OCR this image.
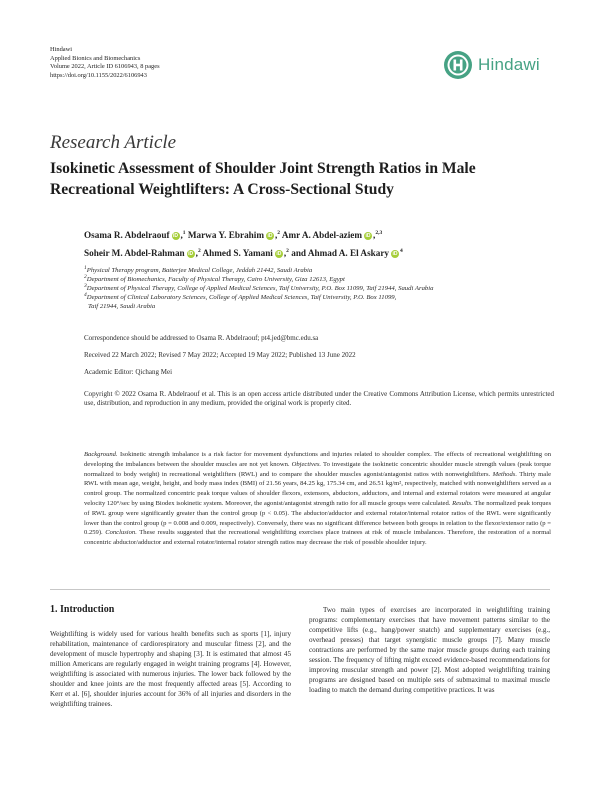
Hindawi
Applied Bionics and Biomechanics
Volume 2022, Article ID 6106943, 8 pages
https://doi.org/10.1155/2022/6106943
Hindawi
Research Article
Isokinetic Assessment of Shoulder Joint Strength Ratios in Male Recreational Weightlifters: A Cross-Sectional Study
Osama R. Abdelraouf iD ,$^1$ Marwa Y. Ebrahim iD ,$^2$ Amr A. Abdel-aziem iD ,$^{2,3}$
Soheir M. Abdel-Rahman iD ,$^2$ Ahmed S. Yamani iD ,$^2$ and Ahmad A. El Askary $iD^4$

$^1$Physical Therapy program, Batterjee Medical College, Jeddah 21442, Saudi Arabia

$^2$Department of Biomechanics, Faculty of Physical Therapy, Cairo University, Giza 12613, Egypt

$^3$Department of Physical Therapy, College of Applied Medical Sciences, Taif University, P.O. Box 11099, Taif 21944, Saudi Arabia

$^4$Department of Clinical Laboratory Sciences, College of Applied Medical Sciences, Taif University, P.O. Box 11099,

Taif 21944, Saudi Arabia

Correspondence should be addressed to Osama R. Abdelraouf; pt4.jed@bmc.edu.sa

Received 22 March 2022; Revised 7 May 2022; Accepted 19 May 2022; Published 13 June 2022

Academic Editor: Qichang Mei

Copyright © 2022 Osama R. Abdelraouf et al. This is an open access article distributed under the Creative Commons Attribution License, which permits unrestricted use, distribution, and reproduction in any medium, provided the original work is properly cited.

Background. Isokinetic strength imbalance is a risk factor for movement dysfunctions and injuries related to shoulder complex. The effects of recreational weightlifting on developing the imbalances between the shoulder muscles are not yet known. Objectives. To investigate the isokinetic concentric shoulder muscle strength values (peak torque normalized to body weight) in recreational weightlifters (RWL) and to compare the shoulder muscles agonist/antagonist ratios with nonweightlifters. Methods. Thirty male RWL with mean age, weight, height, and body mass index (BMI) of 21.56 years, 84.25 kg, 175.34 cm, and 26.51 kg/m², respectively, matched with nonweightlifters served as a control group. The normalized concentric peak torque values of shoulder flexors, extensors, abductors, adductors, and internal and external rotators were measured at angular velocity 120°/sec by using Biodex isokinetic system. Moreover, the agonist/antagonist strength ratio for all muscle groups were calculated. Results. The normalized peak torques of RWL group were significantly greater than the control group (p < 0.05). The abductor/adductor and external rotator/internal rotator ratios of the RWL were significantly lower than the control group (p = 0.008 and 0.009, respectively). Conversely, there was no significant difference between both groups in relation to the flexor/extensor ratio (p = 0.259). Conclusion. These results suggested that the recreational weightlifting exercises place trainees at risk of muscle imbalances. Therefore, the restoration of a normal concentric abductor/adductor and external rotator/internal rotator strength ratios may decrease the risk of possible shoulder injury.
1. Introduction

Weightlifting is widely used for various health benefits such as sports [1], injury rehabilitation, maintenance of cardiorespiratory and muscular fitness [2], and the development of muscle hypertrophy and shaping [3]. It is estimated that almost 45 million Americans are regularly engaged in weight training programs [4]. However, weightlifting is associated with numerous injuries. The lower back followed by the shoulder and knee joints are the most frequently affected areas [5]. According to Kerr et al. [6], shoulder injuries account for 36% of all injuries and disorders in the weightlifting trainees.

Two main types of exercises are incorporated in weightlifting training programs: complementary exercises that have movement patterns similar to the competitive lifts (e.g., hang/power snatch) and supplementary exercises (e.g., overhead presses) that target synergistic muscle groups [7]. Many muscle contractions are performed by the same major muscle groups during each training session. The frequency of lifting might exceed evidence-based recommendations for improving muscular strength and power [2]. Most adopted weightlifting training programs are designed based on multiple sets of submaximal to maximal muscle loading to match the demand during competitive practices. It was
